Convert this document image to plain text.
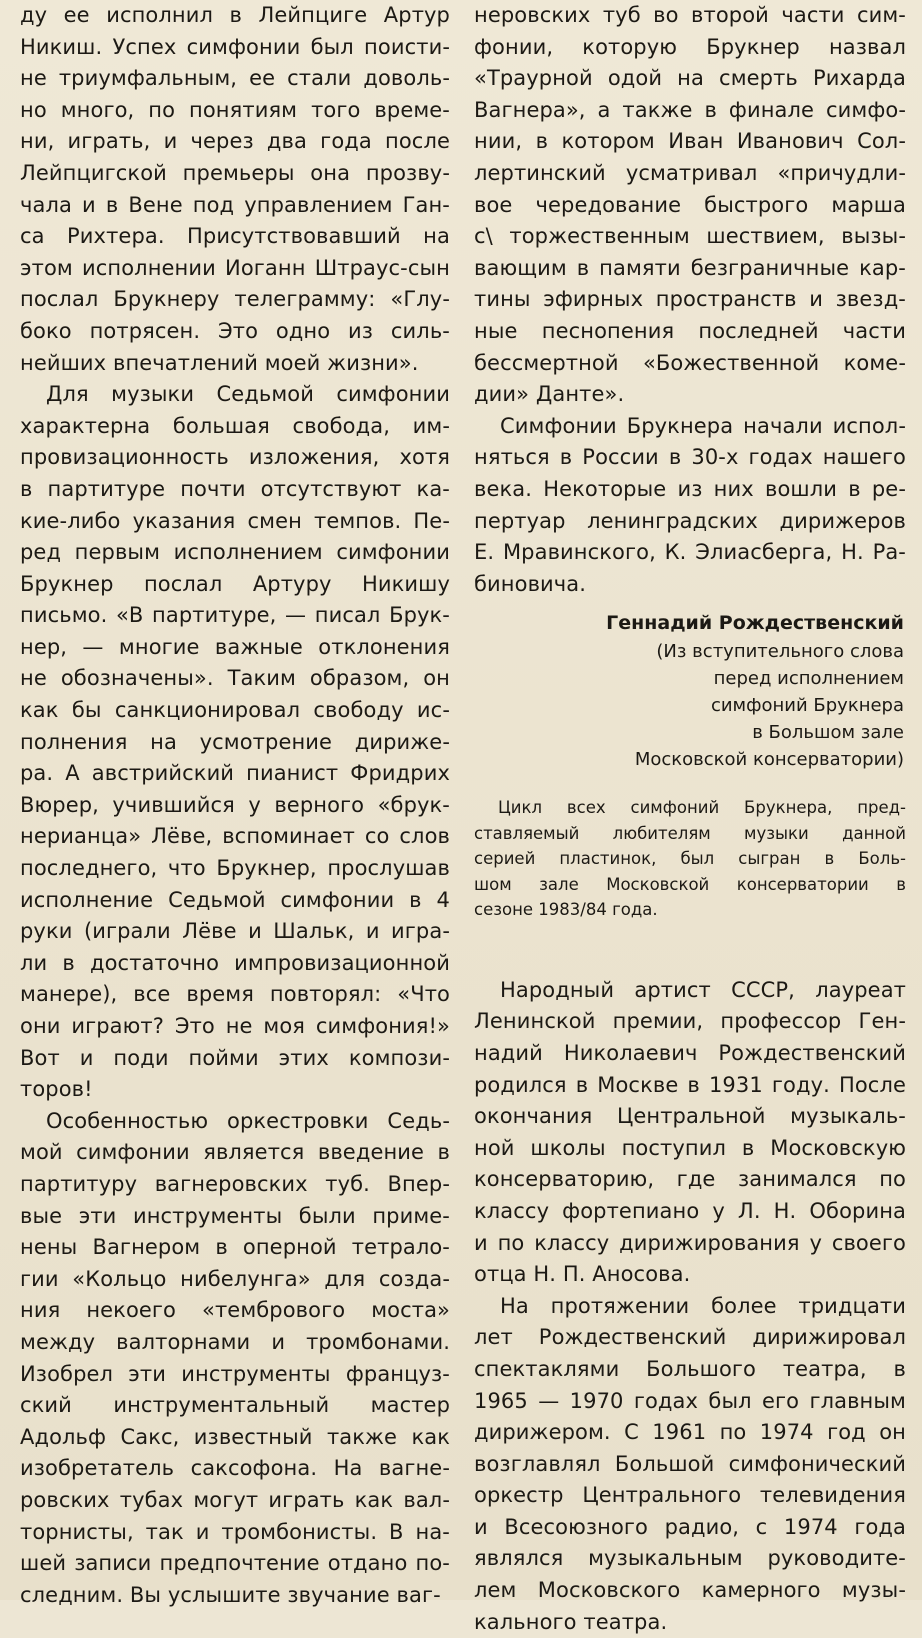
ду ее исполнил в Лейпциге Артур
Никиш. Успех симфонии был поисти-
не триумфальным, ее стали доволь-
но много, по понятиям того време-
ни, играть, и через два года после
Лейпцигской премьеры она прозву-
чала и в Вене под управлением Ган-
са Рихтера. Присутствовавший на
этом исполнении Иоганн Штраус-сын
послал Брукнеру телеграмму: «Глу-
боко потрясен. Это одно из силь-
нейших впечатлений моей жизни».
Для музыки Седьмой симфонии
характерна большая свобода, им-
провизационность изложения, хотя
в партитуре почти отсутствуют ка-
кие-либо указания смен темпов. Пе-
ред первым исполнением симфонии
Брукнер послал Артуру Никишу
письмо. «В партитуре, — писал Брук-
нер, — многие важные отклонения
не обозначены». Таким образом, он
как бы санкционировал свободу ис-
полнения на усмотрение дирижe-
ра. А австрийский пианист Фридрих
Вюрер, учившийся у верного «брук-
нерианца» Лёве, вспоминает со слов
последнего, что Брукнер, прослушав
исполнение Седьмой симфонии в 4
руки (играли Лёве и Шальк, и игра-
ли в достаточно импровизационной
манере), все время повторял: «Что
они играют? Это не моя симфония!»
Вот и поди пойми этих компози-
торов!
Особенностью оркестровки Седь-
мой симфонии является введение в
партитуру вагнеровских туб. Впер-
вые эти инструменты были приме-
нены Вагнером в оперной тетрало-
гии «Кольцо нибелунга» для созда-
ния некоего «тембрового моста»
между валторнами и тромбонами.
Изобрел эти инструменты француз-
ский инструментальный мастер
Адольф Сакс, известный также как
изобретатель саксофона. На вагне-
ровских тубах могут играть как вал-
торнисты, так и тромбонисты. В на-
шей записи предпочтение отдано по-
следним. Вы услышите звучание ваг-
неровских туб во второй части сим-
фонии, которую Брукнер назвал
«Траурной одой на смерть Рихарда
Вагнера», а также в финале симфо-
нии, в котором Иван Иванович Сол-
лертинский усматривал «причудли-
вое чередование быстрого марша
с\ торжественным шествием, вызы-
вающим в памяти безграничные кар-
тины эфирных пространств и звезд-
ные песнопения последней части
бессмертной «Божественной коме-
дии» Данте».
Симфонии Брукнера начали испол-
няться в России в 30-х годах нашего
века. Некоторые из них вошли в ре-
пертуар ленинградских дирижеров
Е. Мравинского, К. Элиасберга, Н. Ра-
биновича.
Геннадий Рождественский
(Из вступительного слова
перед исполнением
симфоний Брукнера
в Большом зале
Московской консерватории)
Цикл всех симфоний Брукнера, пред-
ставляемый любителям музыки данной
серией пластинок, был сыгран в Боль-
шом зале Московской консерватории в
сезоне 1983/84 года.
Народный артист СССР, лауреат
Ленинской премии, профессор Ген-
надий Николаевич Рождественский
родился в Москве в 1931 году. После
окончания Центральной музыкаль-
ной школы поступил в Московскую
консерваторию, где занимался по
классу фортепиано у Л. Н. Оборина
и по классу дирижирования у своего
отца Н. П. Аносова.
На протяжении более тридцати
лет Рождественский дирижировал
спектаклями Большого театра, в
1965 — 1970 годах был его главным
дирижером. С 1961 по 1974 год он
возглавлял Большой симфонический
оркестр Центрального телевидения
и Всесоюзного радио, с 1974 года
являлся музыкальным руководите-
лем Московского камерного музы-
кального театра.
